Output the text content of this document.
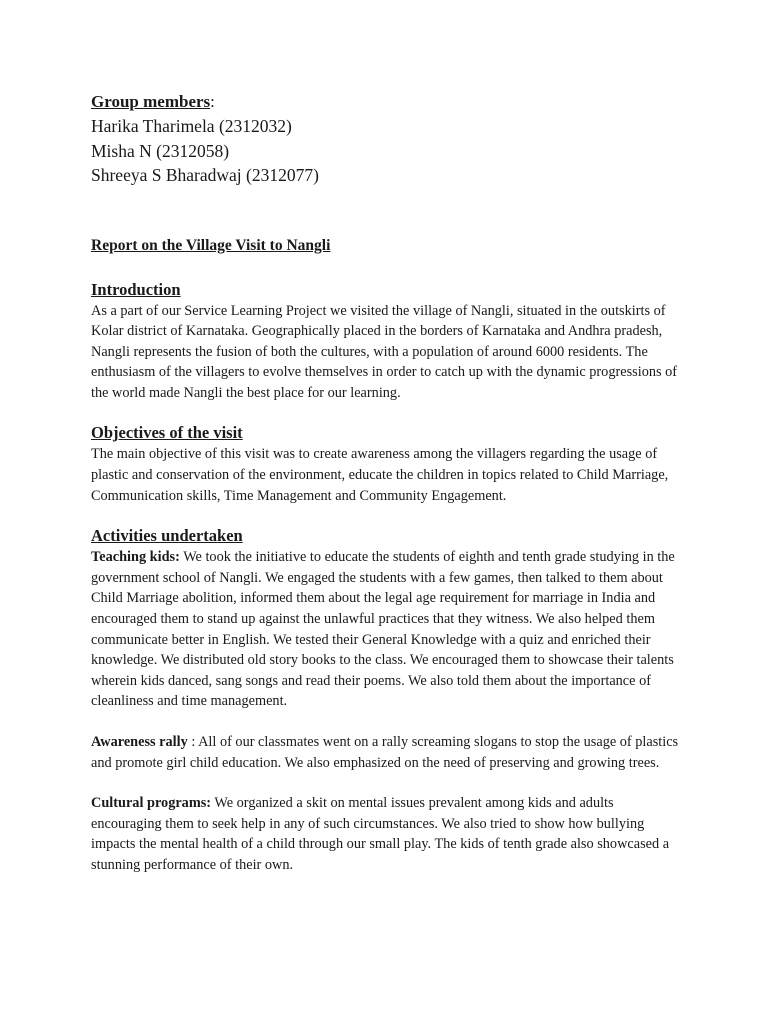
Group members:
Harika Tharimela (2312032)
Misha N (2312058)
Shreeya S Bharadwaj (2312077)
Report on the Village Visit to Nangli
Introduction

As a part of our Service Learning Project we visited the village of Nangli, situated in the outskirts of Kolar district of Karnataka. Geographically placed in the borders of Karnataka and Andhra pradesh, Nangli represents the fusion of both the cultures, with a population of around 6000 residents. The enthusiasm of the villagers to evolve themselves in order to catch up with the dynamic progressions of the world made Nangli the best place for our learning.

Objectives of the visit

The main objective of this visit was to create awareness among the villagers regarding the usage of plastic and conservation of the environment, educate the children in topics related to Child Marriage, Communication skills, Time Management and Community Engagement.

Activities undertaken

Teaching kids: We took the initiative to educate the students of eighth and tenth grade studying in the government school of Nangli. We engaged the students with a few games, then talked to them about Child Marriage abolition, informed them about the legal age requirement for marriage in India and encouraged them to stand up against the unlawful practices that they witness. We also helped them communicate better in English. We tested their General Knowledge with a quiz and enriched their knowledge. We distributed old story books to the class. We encouraged them to showcase their talents wherein kids danced, sang songs and read their poems. We also told them about the importance of cleanliness and time management.

Awareness rally : All of our classmates went on a rally screaming slogans to stop the usage of plastics and promote girl child education. We also emphasized on the need of preserving and growing trees.

Cultural programs: We organized a skit on mental issues prevalent among kids and adults encouraging them to seek help in any of such circumstances. We also tried to show how bullying impacts the mental health of a child through our small play. The kids of tenth grade also showcased a stunning performance of their own.
